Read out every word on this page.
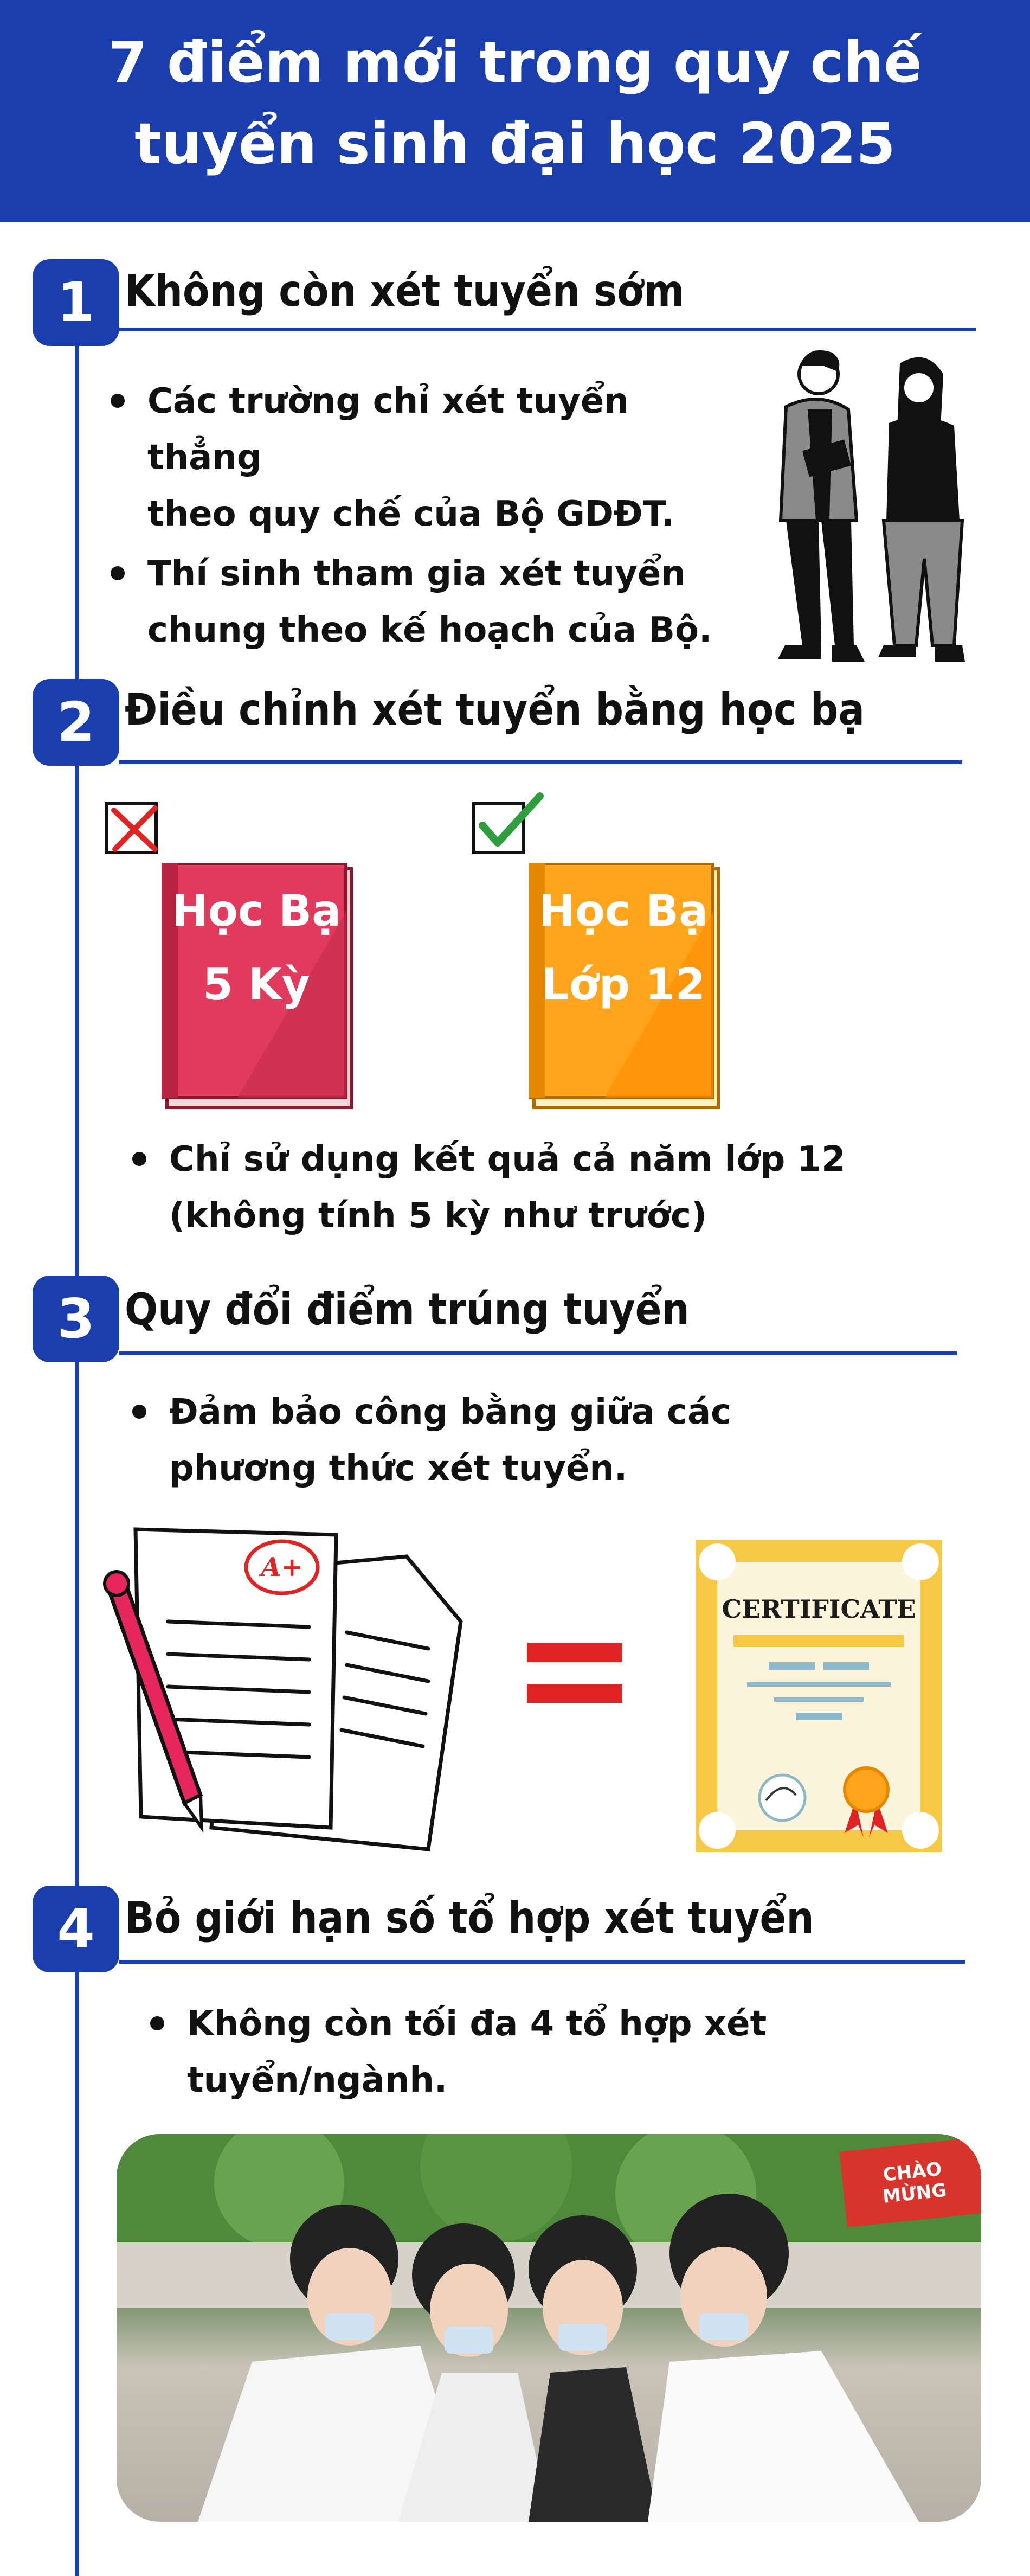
7 điểm mới trong quy chế
tuyển sinh đại học 2025
1 Không còn xét tuyển sớm
Các trường chỉ xét tuyển thẳng
theo quy chế của Bộ GDĐT.
Thí sinh tham gia xét tuyển
chung theo kế hoạch của Bộ.
2 Điều chỉnh xét tuyển bằng học bạ
Học Bạ
5 Kỳ
Học Bạ
Lớp 12
Chỉ sử dụng kết quả cả năm lớp 12
(không tính 5 kỳ như trước)
3 Quy đổi điểm trúng tuyển
Đảm bảo công bằng giữa các
phương thức xét tuyển.
A+
CERTIFICATE
4 Bỏ giới hạn số tổ hợp xét tuyển
Không còn tối đa 4 tổ hợp xét
tuyển/ngành.
CHÀO MỪNG
